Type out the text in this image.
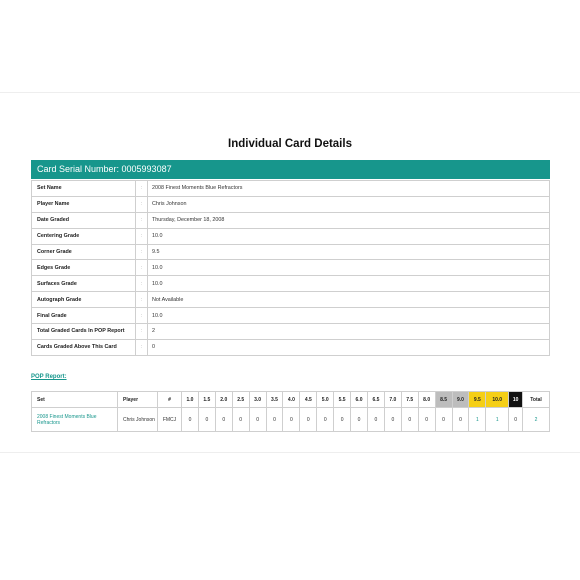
Individual Card Details
Card Serial Number: 0005993087
Set Name	:	2008 Finest Moments Blue Refractors
Player Name	:	Chris Johnson
Date Graded	:	Thursday, December 18, 2008
Centering Grade	:	10.0
Corner Grade	:	9.5
Edges Grade	:	10.0
Surfaces Grade	:	10.0
Autograph Grade	:	Not Available
Final Grade	:	10.0
Total Graded Cards In POP Report	:	2
Cards Graded Above This Card	:	0
POP Report:
Set	Player	#	1.0	1.5	2.0	2.5	3.0	3.5	4.0	4.5	5.0	5.5	6.0	6.5	7.0	7.5	8.0	8.5	9.0	9.5	10.0	10	Total
2008 Finest Moments Blue Refractors	Chris Johnson	FMCJ	0	0	0	0	0	0	0	0	0	0	0	0	0	0	0	0	0	1	1	0	2
